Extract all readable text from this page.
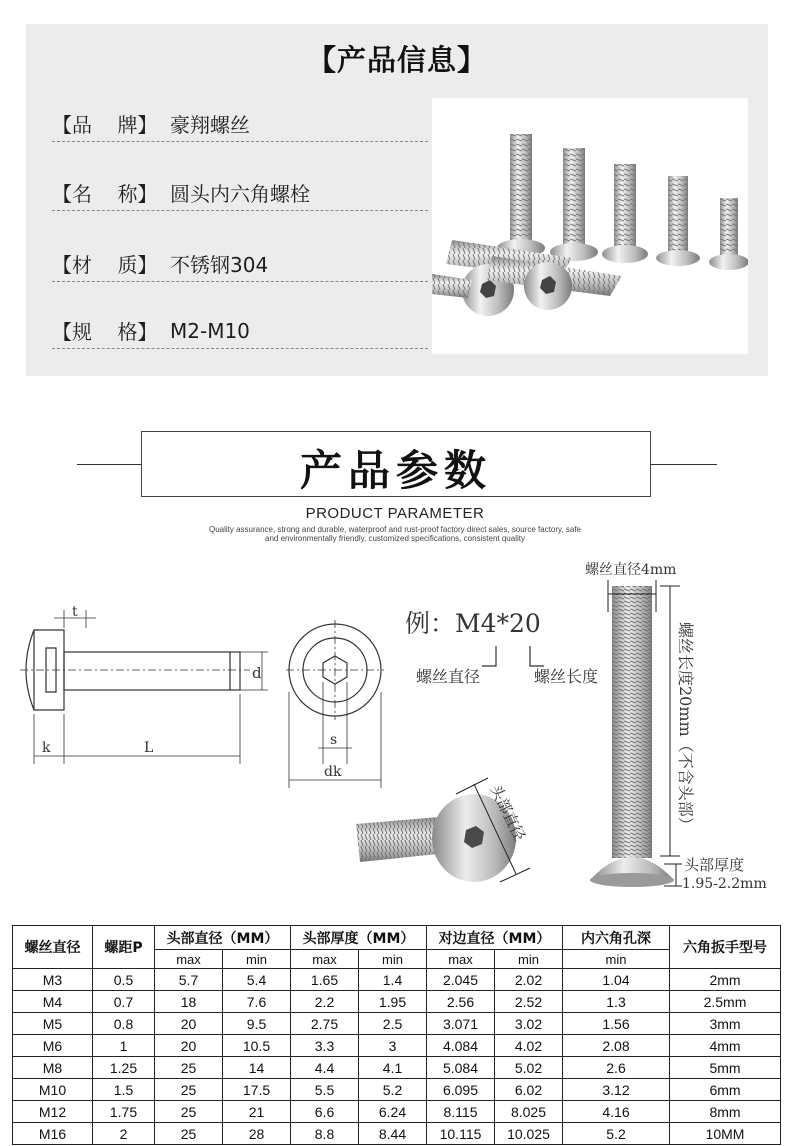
【产品信息】
【品 牌】 豪翔螺丝
【名 称】 圆头内六角螺栓
【材 质】 不锈钢304
【规 格】 M2-M10
产品参数
PRODUCT PARAMETER
Quality assurance, strong and durable, waterproof and rust-proof factory direct sales, source factory, safe
and environmentally friendly, customized specifications, consistent quality
t
d
k	L	s
dk
例：M4*20
螺丝直径	螺丝长度
螺丝直径4mm
螺丝长度20mm（不含头部）
头部厚度
1.95-2.2mm
头部直径
螺丝直径	螺距P	头部直径（MM）		头部厚度（MM）		对边直径（MM）		内六角孔深	六角扳手型号
		max	min	max	min	max	min	min	
M3	0.5	5.7	5.4	1.65	1.4	2.045	2.02	1.04	2mm
M4	0.7	18	7.6	2.2	1.95	2.56	2.52	1.3	2.5mm
M5	0.8	20	9.5	2.75	2.5	3.071	3.02	1.56	3mm
M6	1	20	10.5	3.3	3	4.084	4.02	2.08	4mm
M8	1.25	25	14	4.4	4.1	5.084	5.02	2.6	5mm
M10	1.5	25	17.5	5.5	5.2	6.095	6.02	3.12	6mm
M12	1.75	25	21	6.6	6.24	8.115	8.025	4.16	8mm
M16	2	25	28	8.8	8.44	10.115	10.025	5.2	10MM
